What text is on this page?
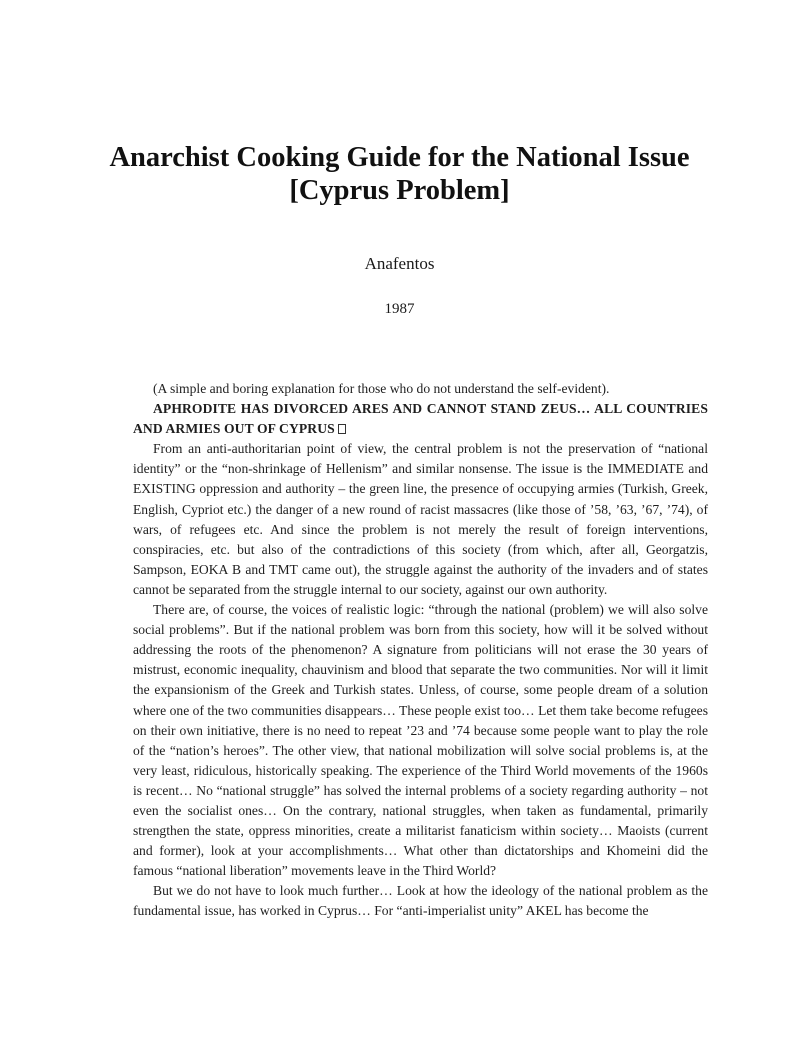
Anarchist Cooking Guide for the National Issue [Cyprus Problem]
Anafentos
1987

(A simple and boring explanation for those who do not understand the self-evident).

APHRODITE HAS DIVORCED ARES AND CANNOT STAND ZEUS… ALL COUNTRIES AND ARMIES OUT OF CYPRUS

From an anti-authoritarian point of view, the central problem is not the preservation of “national identity” or the “non-shrinkage of Hellenism” and similar nonsense. The issue is the IMMEDIATE and EXISTING oppression and authority – the green line, the presence of occupying armies (Turkish, Greek, English, Cypriot etc.) the danger of a new round of racist massacres (like those of ’58, ’63, ’67, ’74), of wars, of refugees etc. And since the problem is not merely the result of foreign interventions, conspiracies, etc. but also of the contradictions of this society (from which, after all, Georgatzis, Sampson, EOKA B and TMT came out), the struggle against the authority of the invaders and of states cannot be separated from the struggle internal to our society, against our own authority.

There are, of course, the voices of realistic logic: “through the national (problem) we will also solve social problems”. But if the national problem was born from this society, how will it be solved without addressing the roots of the phenomenon? A signature from politicians will not erase the 30 years of mistrust, economic inequality, chauvinism and blood that separate the two communities. Nor will it limit the expansionism of the Greek and Turkish states. Unless, of course, some people dream of a solution where one of the two communities disappears… These people exist too… Let them take become refugees on their own initiative, there is no need to repeat ’23 and ’74 because some people want to play the role of the “nation’s heroes”. The other view, that national mobilization will solve social problems is, at the very least, ridiculous, historically speaking. The experience of the Third World movements of the 1960s is recent… No “national struggle” has solved the internal problems of a society regarding authority – not even the socialist ones… On the contrary, national struggles, when taken as fundamental, primarily strengthen the state, oppress minorities, create a militarist fanaticism within society… Maoists (current and former), look at your accomplishments… What other than dictatorships and Khomeini did the famous “national liberation” movements leave in the Third World?

But we do not have to look much further… Look at how the ideology of the national problem as the fundamental issue, has worked in Cyprus… For “anti-imperialist unity” AKEL has become the
